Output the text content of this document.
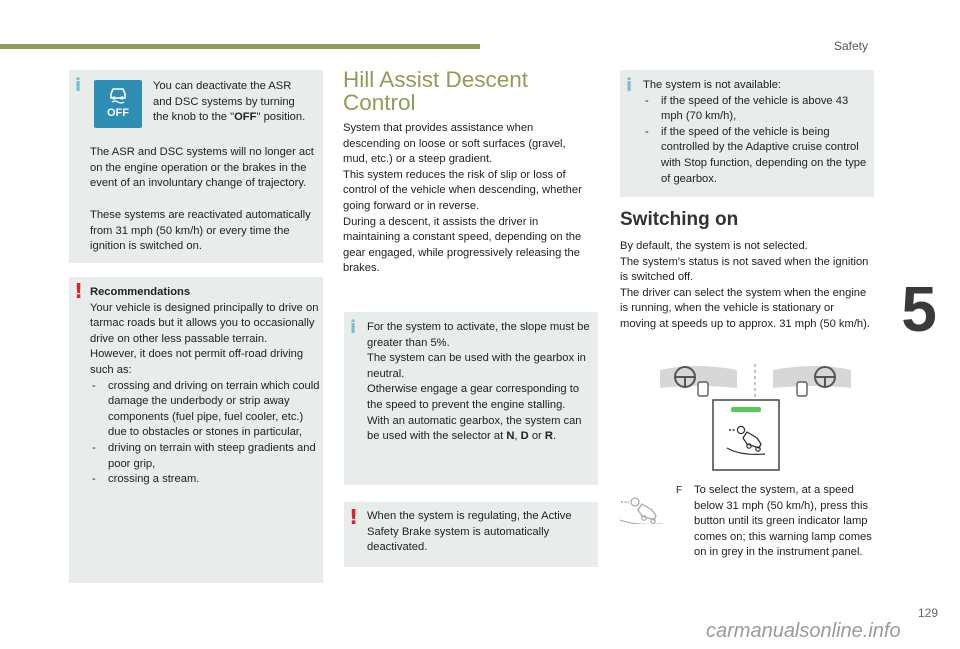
Safety
5
129
carmanualsonline.info
i
OFF

You can deactivate the ASR
and DSC systems by turning
the knob to the "OFF" position.

The ASR and DSC systems will no longer act on the engine operation or the brakes in the event of an involuntary change of trajectory.

These systems are reactivated automatically from 31 mph (50 km/h) or every time the ignition is switched on.

! Recommendations

Your vehicle is designed principally to drive on tarmac roads but it allows you to occasionally drive on other less passable terrain.

However, it does not permit off-road driving such as:

- crossing and driving on terrain which could damage the underbody or strip away components (fuel pipe, fuel cooler, etc.) due to obstacles or stones in particular,
- driving on terrain with steep gradients and poor grip,
- crossing a stream.
Hill Assist Descent Control

System that provides assistance when descending on loose or soft surfaces (gravel, mud, etc.) or a steep gradient.

This system reduces the risk of slip or loss of control of the vehicle when descending, whether going forward or in reverse.

During a descent, it assists the driver in maintaining a constant speed, depending on the gear engaged, while progressively releasing the brakes.

i For the system to activate, the slope must be greater than 5%.

The system can be used with the gearbox in neutral.

Otherwise engage a gear corresponding to the speed to prevent the engine stalling.

With an automatic gearbox, the system can be used with the selector at N, D or R.

! When the system is regulating, the Active Safety Brake system is automatically deactivated.

i The system is not available:

- if the speed of the vehicle is above 43 mph (70 km/h),
- if the speed of the vehicle is being controlled by the Adaptive cruise control with Stop function, depending on the type of gearbox.
Switching on

By default, the system is not selected.

The system's status is not saved when the ignition is switched off.

The driver can select the system when the engine is running, when the vehicle is stationary or moving at speeds up to approx. 31 mph (50 km/h).

F	To select the system, at a speed below 31 mph (50 km/h), press this button until its green indicator lamp comes on; this warning lamp comes on in grey in the instrument panel.
